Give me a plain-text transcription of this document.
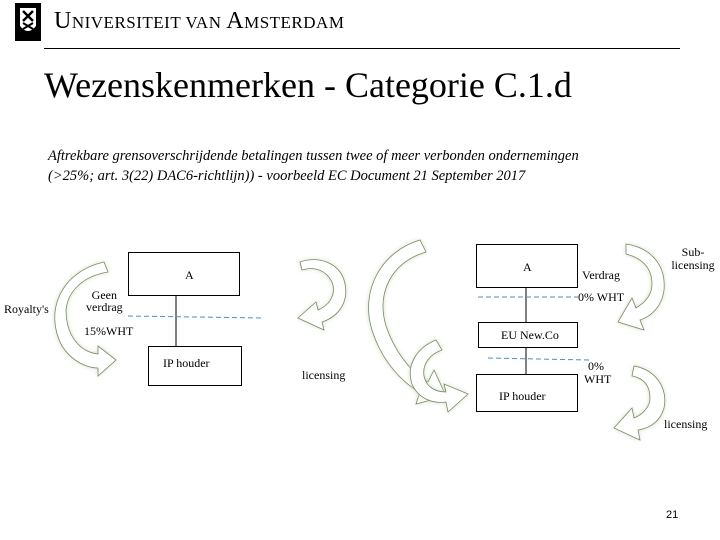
UNIVERSITEIT VAN AMSTERDAM
Wezenskenmerken - Categorie C.1.d
Aftrekbare grensoverschrijdende betalingen tussen twee of meer verbonden ondernemingen
(>25%; art. 3(22) DAC6-richtlijn)) - voorbeeld EC Document 21 September 2017
A
IP houder
Royalty's
Geen
verdrag
15%WHT
licensing
A
EU New.Co
IP houder
Verdrag
0% WHT
0%
WHT
Sub-
licensing
licensing
21
